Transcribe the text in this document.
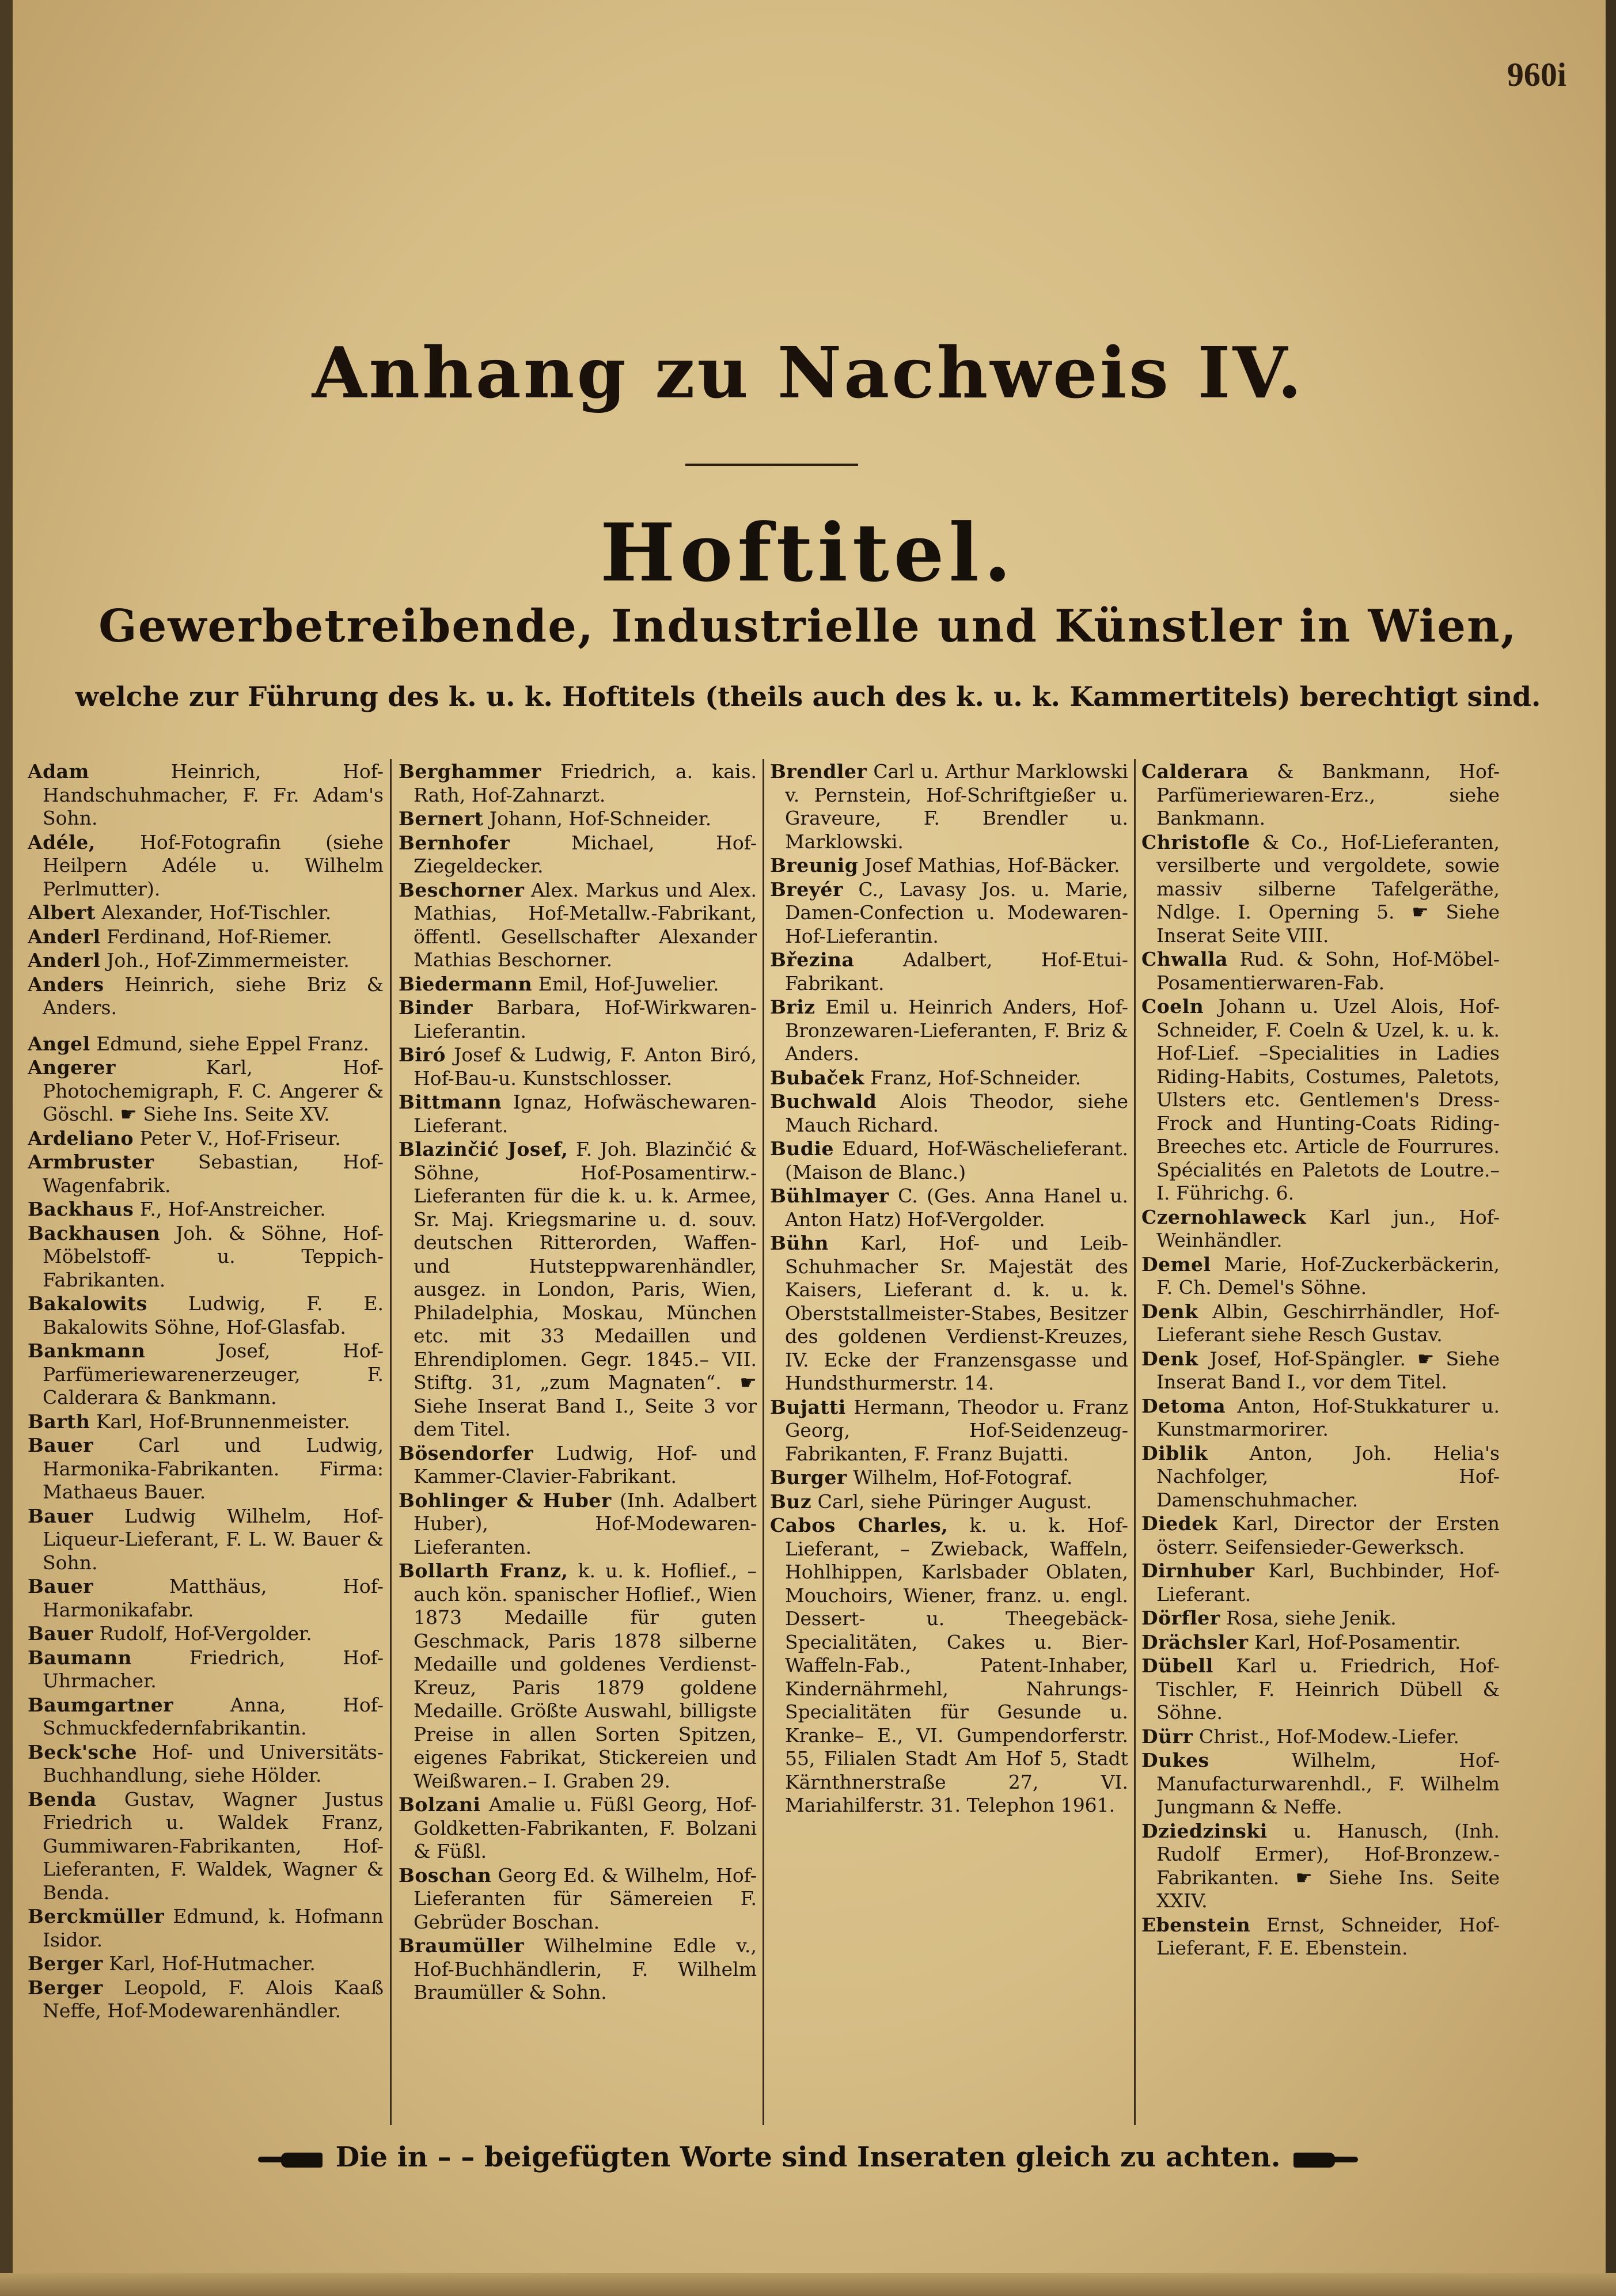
960i
Anhang zu Nachweis IV.
Hoftitel.
Gewerbetreibende, Industrielle und Künstler in Wien,
welche zur Führung des k. u. k. Hoftitels (theils auch des k. u. k. Kammertitels) berechtigt sind.
Adam	Heinrich, Hof-Handschuhmacher, F. Fr. Adam's Sohn.
Adéle, Hof-Fotografin (siehe Heilpern Adéle u. Wilhelm Perlmutter).
Albert Alexander, Hof-Tischler.
Anderl Ferdinand, Hof-Riemer.
Anderl Joh., Hof-Zimmermeister.
Anders Heinrich, siehe Briz & Anders.
Angel Edmund, siehe Eppel Franz.
Angerer	Karl, Hof-Photochemigraph, F. C. Angerer & Göschl. ☛ Siehe Ins. Seite XV.
Ardeliano Peter V., Hof-Friseur.
Armbruster Sebastian, Hof-Wagenfabrik.
Backhaus F., Hof-Anstreicher.
Backhausen Joh. & Söhne, Hof-Möbelstoff- u. Teppich-Fabrikanten.
Bakalowits Ludwig, F. E. Bakalowits Söhne, Hof-Glasfab.
Bankmann	Josef, Hof-Parfümeriewarenerzeuger, F. Calderara & Bankmann.
Barth Karl, Hof-Brunnenmeister.
Bauer Carl und Ludwig, Harmonika-Fabrikanten. Firma: Mathaeus Bauer.
Bauer Ludwig Wilhelm, Hof-Liqueur-Lieferant, F. L. W. Bauer & Sohn.
Bauer	Matthäus, Hof-Harmonikafabr.
Bauer Rudolf, Hof-Vergolder.
Baumann	Friedrich, Hof-Uhrmacher.
Baumgartner	Anna, Hof-Schmuckfedernfabrikantin.
Beck'sche Hof- und Universitäts-Buchhandlung, siehe Hölder.
Benda Gustav, Wagner Justus Friedrich u. Waldek Franz, Gummiwaren-Fabrikanten, Hof-Lieferanten, F. Waldek, Wagner & Benda.
Berckmüller Edmund, k. Hofmann Isidor.
Berger Karl, Hof-Hutmacher.
Berger Leopold, F. Alois Kaaß Neffe, Hof-Modewarenhändler.
Berghammer Friedrich, a. kais. Rath, Hof-Zahnarzt.
Bernert Johann, Hof-Schneider.
Bernhofer	Michael, Hof-Ziegeldecker.
Beschorner Alex. Markus und Alex. Mathias, Hof-Metallw.-Fabrikant, öffentl. Gesellschafter Alexander Mathias Beschorner.
Biedermann Emil, Hof-Juwelier.
Binder Barbara, Hof-Wirkwaren-Lieferantin.
Biró Josef & Ludwig, F. Anton Biró, Hof-Bau-u. Kunstschlosser.
Bittmann Ignaz, Hofwäschewaren-Lieferant.
Blazinčić Josef, F. Joh. Blazinčić & Söhne, Hof-Posamentirw.-Lieferanten für die k. u. k. Armee, Sr. Maj. Kriegsmarine u. d. souv. deutschen Ritterorden, Waffen- und Hutsteppwarenhändler, ausgez. in London, Paris, Wien, Philadelphia, Moskau, München etc. mit 33 Medaillen und Ehrendiplomen. Gegr. 1845.– VII. Stiftg. 31, „zum Magnaten“. ☛ Siehe Inserat Band I., Seite 3 vor dem Titel.
Bösendorfer Ludwig, Hof- und Kammer-Clavier-Fabrikant.
Bohlinger & Huber (Inh. Adalbert Huber), Hof-Modewaren-Lieferanten.
Bollarth Franz, k. u. k. Hoflief., – auch kön. spanischer Hoflief., Wien 1873 Medaille für guten Geschmack, Paris 1878 silberne Medaille und goldenes Verdienst-Kreuz, Paris 1879 goldene Medaille. Größte Auswahl, billigste Preise in allen Sorten Spitzen, eigenes Fabrikat, Stickereien und Weißwaren.– I. Graben 29.
Bolzani Amalie u. Füßl Georg, Hof-Goldketten-Fabrikanten, F. Bolzani & Füßl.
Boschan Georg Ed. & Wilhelm, Hof-Lieferanten für Sämereien F. Gebrüder Boschan.
Braumüller Wilhelmine Edle v., Hof-Buchhändlerin, F. Wilhelm Braumüller & Sohn.
Brendler Carl u. Arthur Marklowski v. Pernstein, Hof-Schriftgießer u. Graveure, F. Brendler u. Marklowski.
Breunig Josef Mathias, Hof-Bäcker.
Breyér C., Lavasy Jos. u. Marie, Damen-Confection u. Modewaren-Hof-Lieferantin.
Březina	Adalbert, Hof-Etui-Fabrikant.
Briz Emil u. Heinrich Anders, Hof-Bronzewaren-Lieferanten, F. Briz & Anders.
Bubaček Franz, Hof-Schneider.
Buchwald Alois Theodor, siehe Mauch Richard.
Budie Eduard, Hof-Wäschelieferant. (Maison de Blanc.)
Bühlmayer C. (Ges. Anna Hanel u. Anton Hatz) Hof-Vergolder.
Bühn Karl, Hof- und Leib-Schuhmacher Sr. Majestät des Kaisers, Lieferant d. k. u. k. Oberststallmeister-Stabes, Besitzer des goldenen Verdienst-Kreuzes, IV. Ecke der Franzensgasse und Hundsthurmerstr. 14.
Bujatti Hermann, Theodor u. Franz Georg, Hof-Seidenzeug-Fabrikanten, F. Franz Bujatti.
Burger Wilhelm, Hof-Fotograf.
Buz Carl, siehe Püringer August.
Cabos Charles, k. u. k. Hof-Lieferant, – Zwieback, Waffeln, Hohlhippen, Karlsbader Oblaten, Mouchoirs, Wiener, franz. u. engl. Dessert- u. Theegebäck-Specialitäten, Cakes u. Bier-Waffeln-Fab., Patent-Inhaber, Kindernährmehl, Nahrungs-Specialitäten für Gesunde u. Kranke– E., VI. Gumpendorferstr. 55, Filialen Stadt Am Hof 5, Stadt Kärnthnerstraße 27, VI. Mariahilferstr. 31. Telephon 1961.
Calderara & Bankmann, Hof-Parfümeriewaren-Erz., siehe Bankmann.
Christofle & Co., Hof-Lieferanten, versilberte und vergoldete, sowie massiv silberne Tafelgeräthe, Ndlge. I. Operning 5. ☛ Siehe Inserat Seite VIII.
Chwalla Rud. & Sohn, Hof-Möbel-Posamentierwaren-Fab.
Coeln Johann u. Uzel Alois, Hof-Schneider, F. Coeln & Uzel, k. u. k. Hof-Lief. –Specialities in Ladies Riding-Habits, Costumes, Paletots, Ulsters etc. Gentlemen's Dress-Frock and Hunting-Coats Riding-Breeches etc. Article de Fourrures. Spécialités en Paletots de Loutre.– I. Führichg. 6.
Czernohlaweck Karl jun., Hof-Weinhändler.
Demel Marie, Hof-Zuckerbäckerin, F. Ch. Demel's Söhne.
Denk Albin, Geschirrhändler, Hof-Lieferant siehe Resch Gustav.
Denk Josef, Hof-Spängler. ☛ Siehe Inserat Band I., vor dem Titel.
Detoma Anton, Hof-Stukkaturer u. Kunstmarmorirer.
Diblik Anton, Joh. Helia's Nachfolger, Hof-Damenschuhmacher.
Diedek Karl, Director der Ersten österr. Seifensieder-Gewerksch.
Dirnhuber Karl, Buchbinder, Hof-Lieferant.
Dörfler Rosa, siehe Jenik.
Drächsler Karl, Hof-Posamentir.
Dübell Karl u. Friedrich, Hof-Tischler, F. Heinrich Dübell & Söhne.
Dürr Christ., Hof-Modew.-Liefer.
Dukes	Wilhelm, Hof-Manufacturwarenhdl., F. Wilhelm Jungmann & Neffe.
Dziedzinski u. Hanusch, (Inh. Rudolf Ermer), Hof-Bronzew.-Fabrikanten. ☛ Siehe Ins. Seite XXIV.
Ebenstein Ernst, Schneider, Hof-Lieferant, F. E. Ebenstein.
Die in – – beigefügten Worte sind Inseraten gleich zu achten.
